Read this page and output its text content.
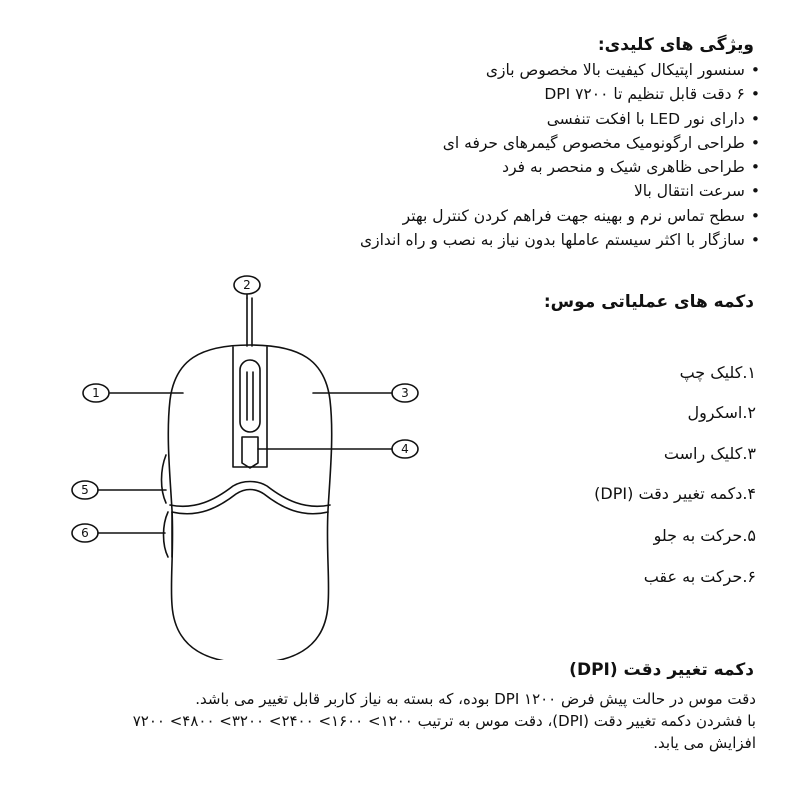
ویژگی های کلیدی:
• سنسور اپتیکال کیفیت بالا مخصوص بازی
• ۶ دقت قابل تنظیم تا DPI ۷۲۰۰
• دارای نور LED با افکت تنفسی
• طراحی ارگونومیک مخصوص گیمرهای حرفه ای
• طراحی ظاهری شیک و منحصر به فرد
• سرعت انتقال بالا
• سطح تماس نرم و بهینه جهت فراهم کردن کنترل بهتر
• سازگار با اکثر سیستم عاملها بدون نیاز به نصب و راه اندازی
دکمه های عملیاتی موس:
۱.کلیک چپ
۲.اسکرول
۳.کلیک راست
۴.دکمه تغییر دقت (DPI)
۵.حرکت به جلو
۶.حرکت به عقب
1
2
3
4
5
6
دکمه تغییر دقت (DPI)

دقت موس در حالت پیش فرض DPI ۱۲۰۰ بوده، که بسته به نیاز کاربر قابل تغییر می باشد.

با فشردن دکمه تغییر دقت (DPI)، دقت موس به ترتیب ۱۲۰۰> ۱۶۰۰> ۲۴۰۰> ۳۲۰۰> ۴۸۰۰> ۷۲۰۰

افزایش می یابد.
